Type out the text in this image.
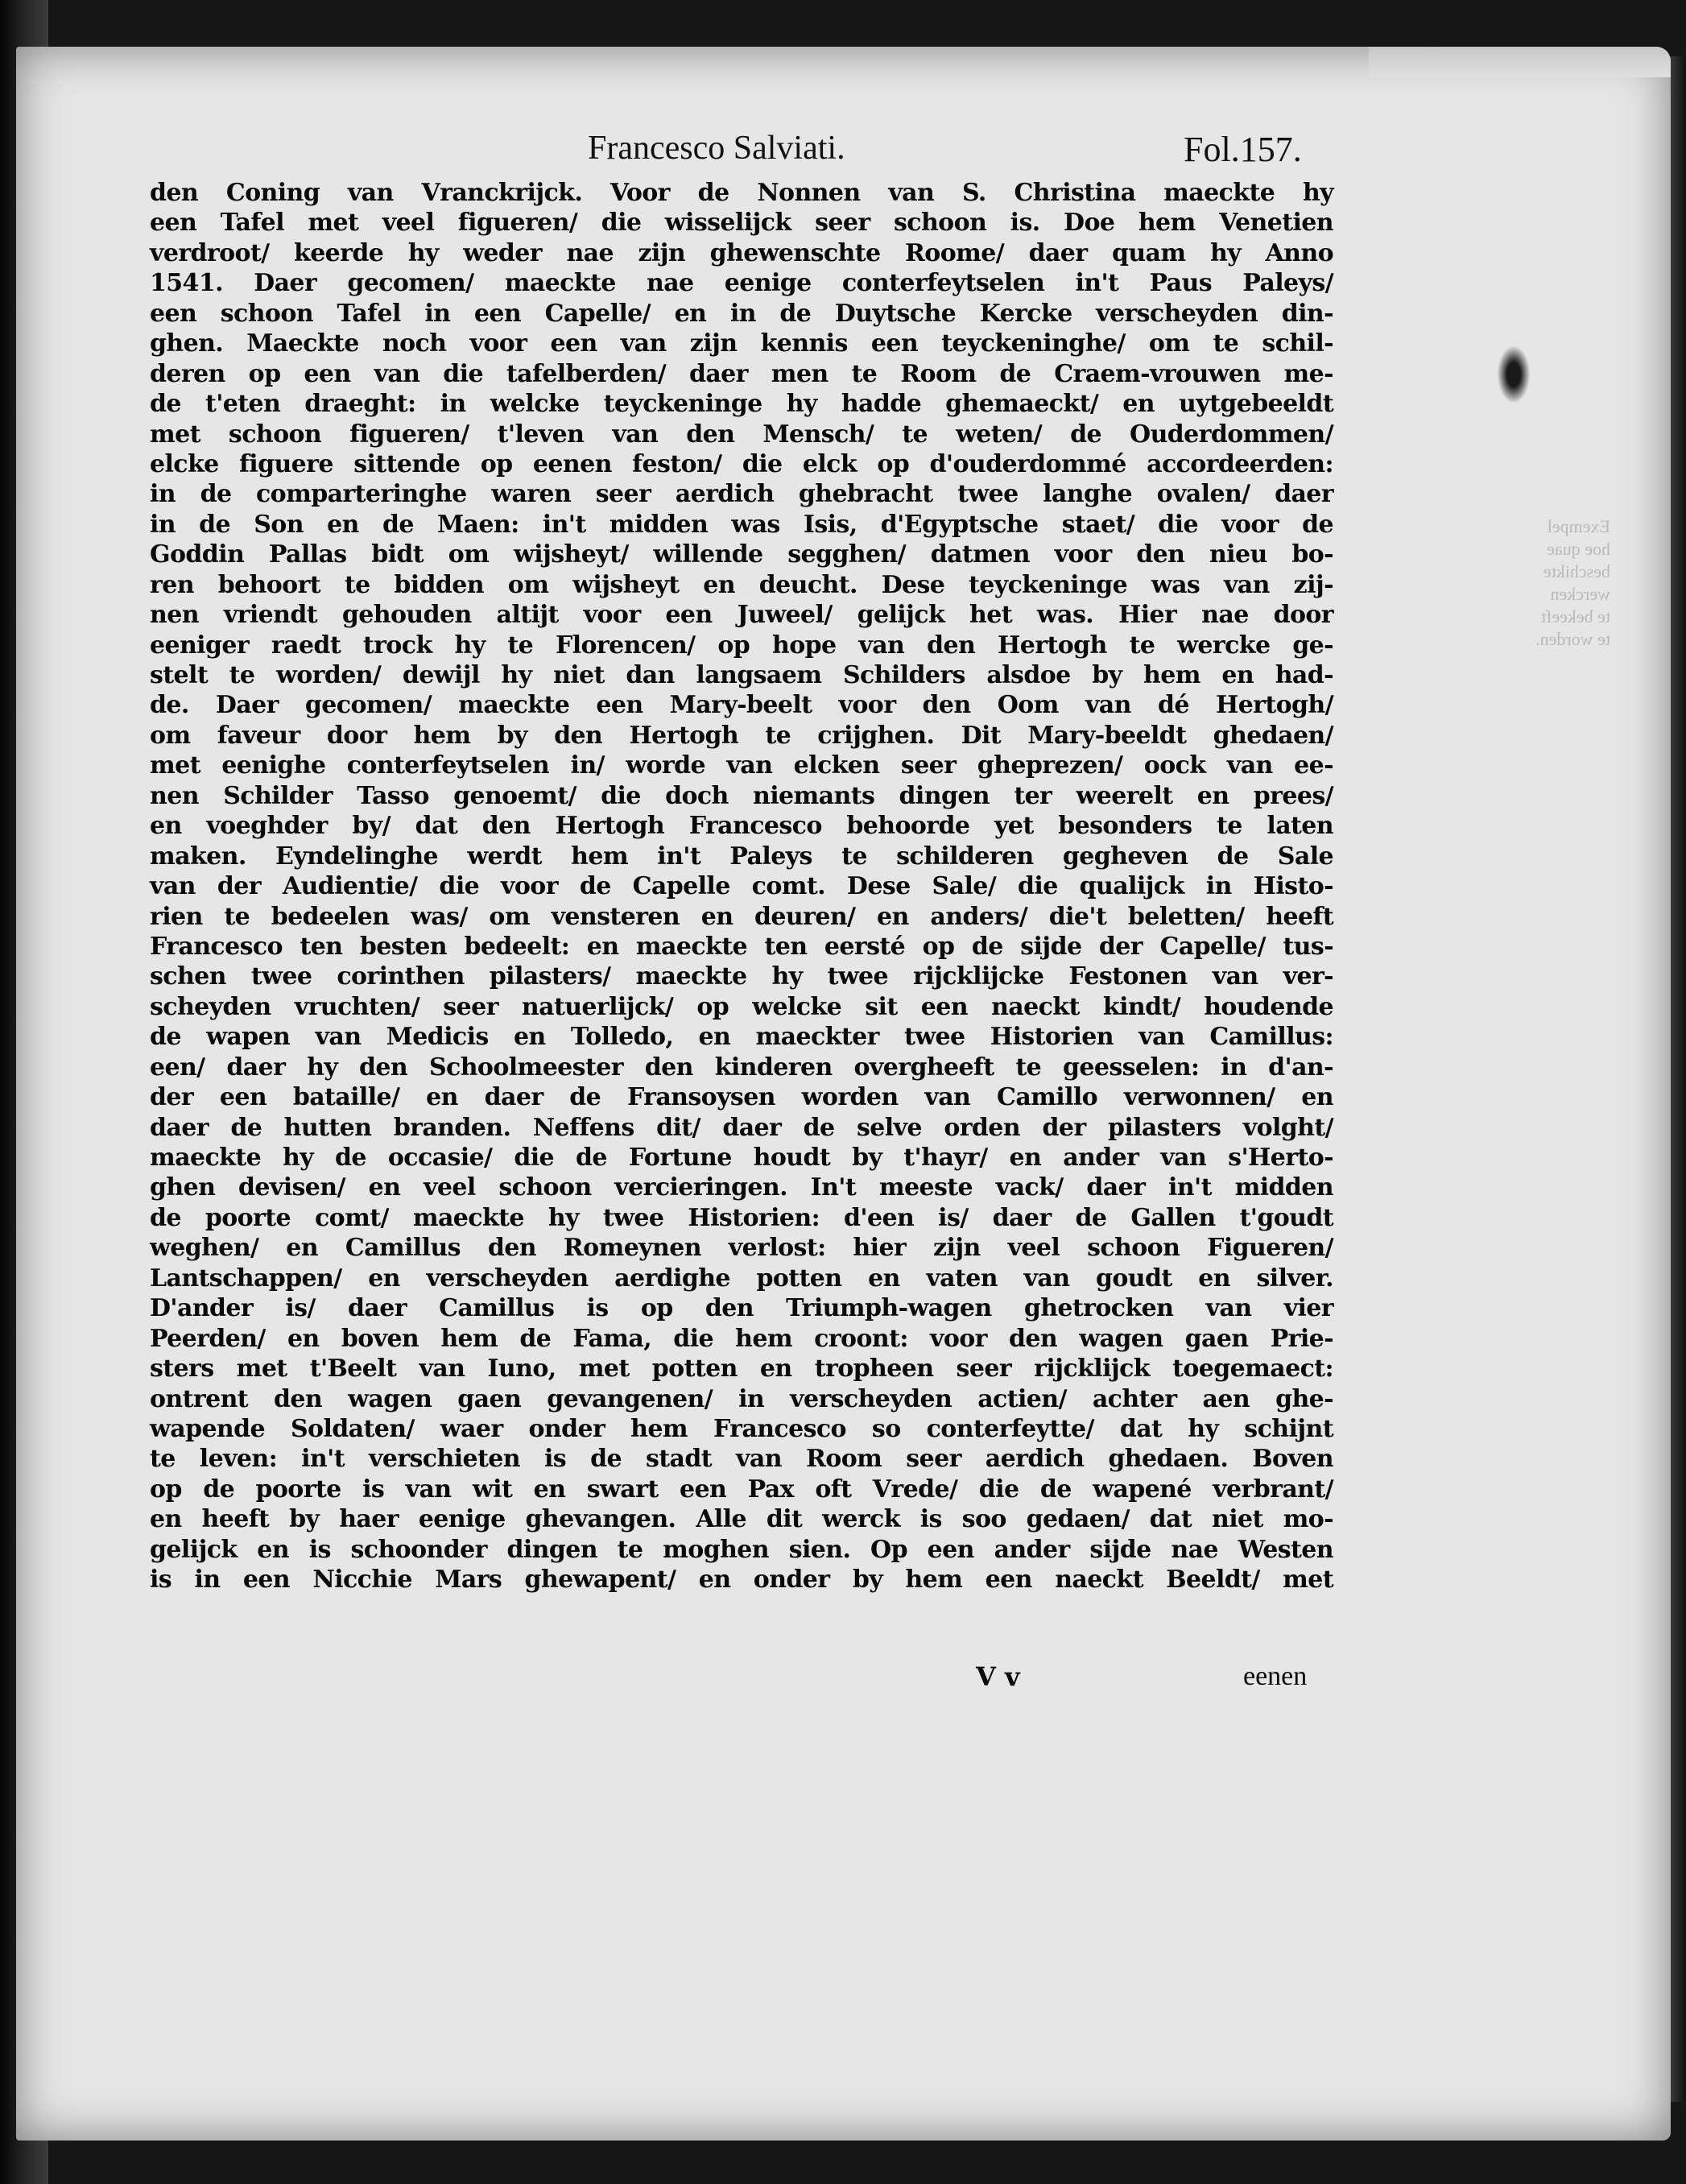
Exempel
hoe quae
beschikte
wercken
te bekeeft
te worden.
Francesco Salviati.	Fol.157.
den Coning van Vranckrijck. Voor de Nonnen van S. Christina maeckte hy
een Tafel met veel figueren/ die wisselijck seer schoon is. Doe hem Venetien
verdroot/ keerde hy weder nae zijn ghewenschte Roome/ daer quam hy Anno
1541. Daer gecomen/ maeckte nae eenige conterfeytselen in't Paus Paleys/
een schoon Tafel in een Capelle/ en in de Duytsche Kercke verscheyden din-
ghen. Maeckte noch voor een van zijn kennis een teyckeninghe/ om te schil-
deren op een van die tafelberden/ daer men te Room de Craem-vrouwen me-
de t'eten draeght: in welcke teyckeninge hy hadde ghemaeckt/ en uytgebeeldt
met schoon figueren/ t'leven van den Mensch/ te weten/ de Ouderdommen/
elcke figuere sittende op eenen feston/ die elck op d'ouderdommé accordeerden:
in de comparteringhe waren seer aerdich ghebracht twee langhe ovalen/ daer
in de Son en de Maen: in't midden was Isis, d'Egyptsche staet/ die voor de
Goddin Pallas bidt om wijsheyt/ willende segghen/ datmen voor den nieu bo-
ren behoort te bidden om wijsheyt en deucht. Dese teyckeninge was van zij-
nen vriendt gehouden altijt voor een Juweel/ gelijck het was. Hier nae door
eeniger raedt trock hy te Florencen/ op hope van den Hertogh te wercke ge-
stelt te worden/ dewijl hy niet dan langsaem Schilders alsdoe by hem en had-
de. Daer gecomen/ maeckte een Mary-beelt voor den Oom van dé Hertogh/
om faveur door hem by den Hertogh te crijghen. Dit Mary-beeldt ghedaen/
met eenighe conterfeytselen in/ worde van elcken seer gheprezen/ oock van ee-
nen Schilder Tasso genoemt/ die doch niemants dingen ter weerelt en prees/
en voeghder by/ dat den Hertogh Francesco behoorde yet besonders te laten
maken. Eyndelinghe werdt hem in't Paleys te schilderen gegheven de Sale
van der Audientie/ die voor de Capelle comt. Dese Sale/ die qualijck in Histo-
rien te bedeelen was/ om vensteren en deuren/ en anders/ die't beletten/ heeft
Francesco ten besten bedeelt: en maeckte ten eersté op de sijde der Capelle/ tus-
schen twee corinthen pilasters/ maeckte hy twee rijcklijcke Festonen van ver-
scheyden vruchten/ seer natuerlijck/ op welcke sit een naeckt kindt/ houdende
de wapen van Medicis en Tolledo, en maeckter twee Historien van Camillus:
een/ daer hy den Schoolmeester den kinderen overgheeft te geesselen: in d'an-
der een bataille/ en daer de Fransoysen worden van Camillo verwonnen/ en
daer de hutten branden. Neffens dit/ daer de selve orden der pilasters volght/
maeckte hy de occasie/ die de Fortune houdt by t'hayr/ en ander van s'Herto-
ghen devisen/ en veel schoon vercieringen. In't meeste vack/ daer in't midden
de poorte comt/ maeckte hy twee Historien: d'een is/ daer de Gallen t'goudt
weghen/ en Camillus den Romeynen verlost: hier zijn veel schoon Figueren/
Lantschappen/ en verscheyden aerdighe potten en vaten van goudt en silver.
D'ander is/ daer Camillus is op den Triumph-wagen ghetrocken van vier
Peerden/ en boven hem de Fama, die hem croont: voor den wagen gaen Prie-
sters met t'Beelt van Iuno, met potten en tropheen seer rijcklijck toegemaect:
ontrent den wagen gaen gevangenen/ in verscheyden actien/ achter aen ghe-
wapende Soldaten/ waer onder hem Francesco so conterfeytte/ dat hy schijnt
te leven: in't verschieten is de stadt van Room seer aerdich ghedaen. Boven
op de poorte is van wit en swart een Pax oft Vrede/ die de wapené verbrant/
en heeft by haer eenige ghevangen. Alle dit werck is soo gedaen/ dat niet mo-
gelijck en is schoonder dingen te moghen sien. Op een ander sijde nae Westen
is in een Nicchie Mars ghewapent/ en onder by hem een naeckt Beeldt/ met
V v	eenen
